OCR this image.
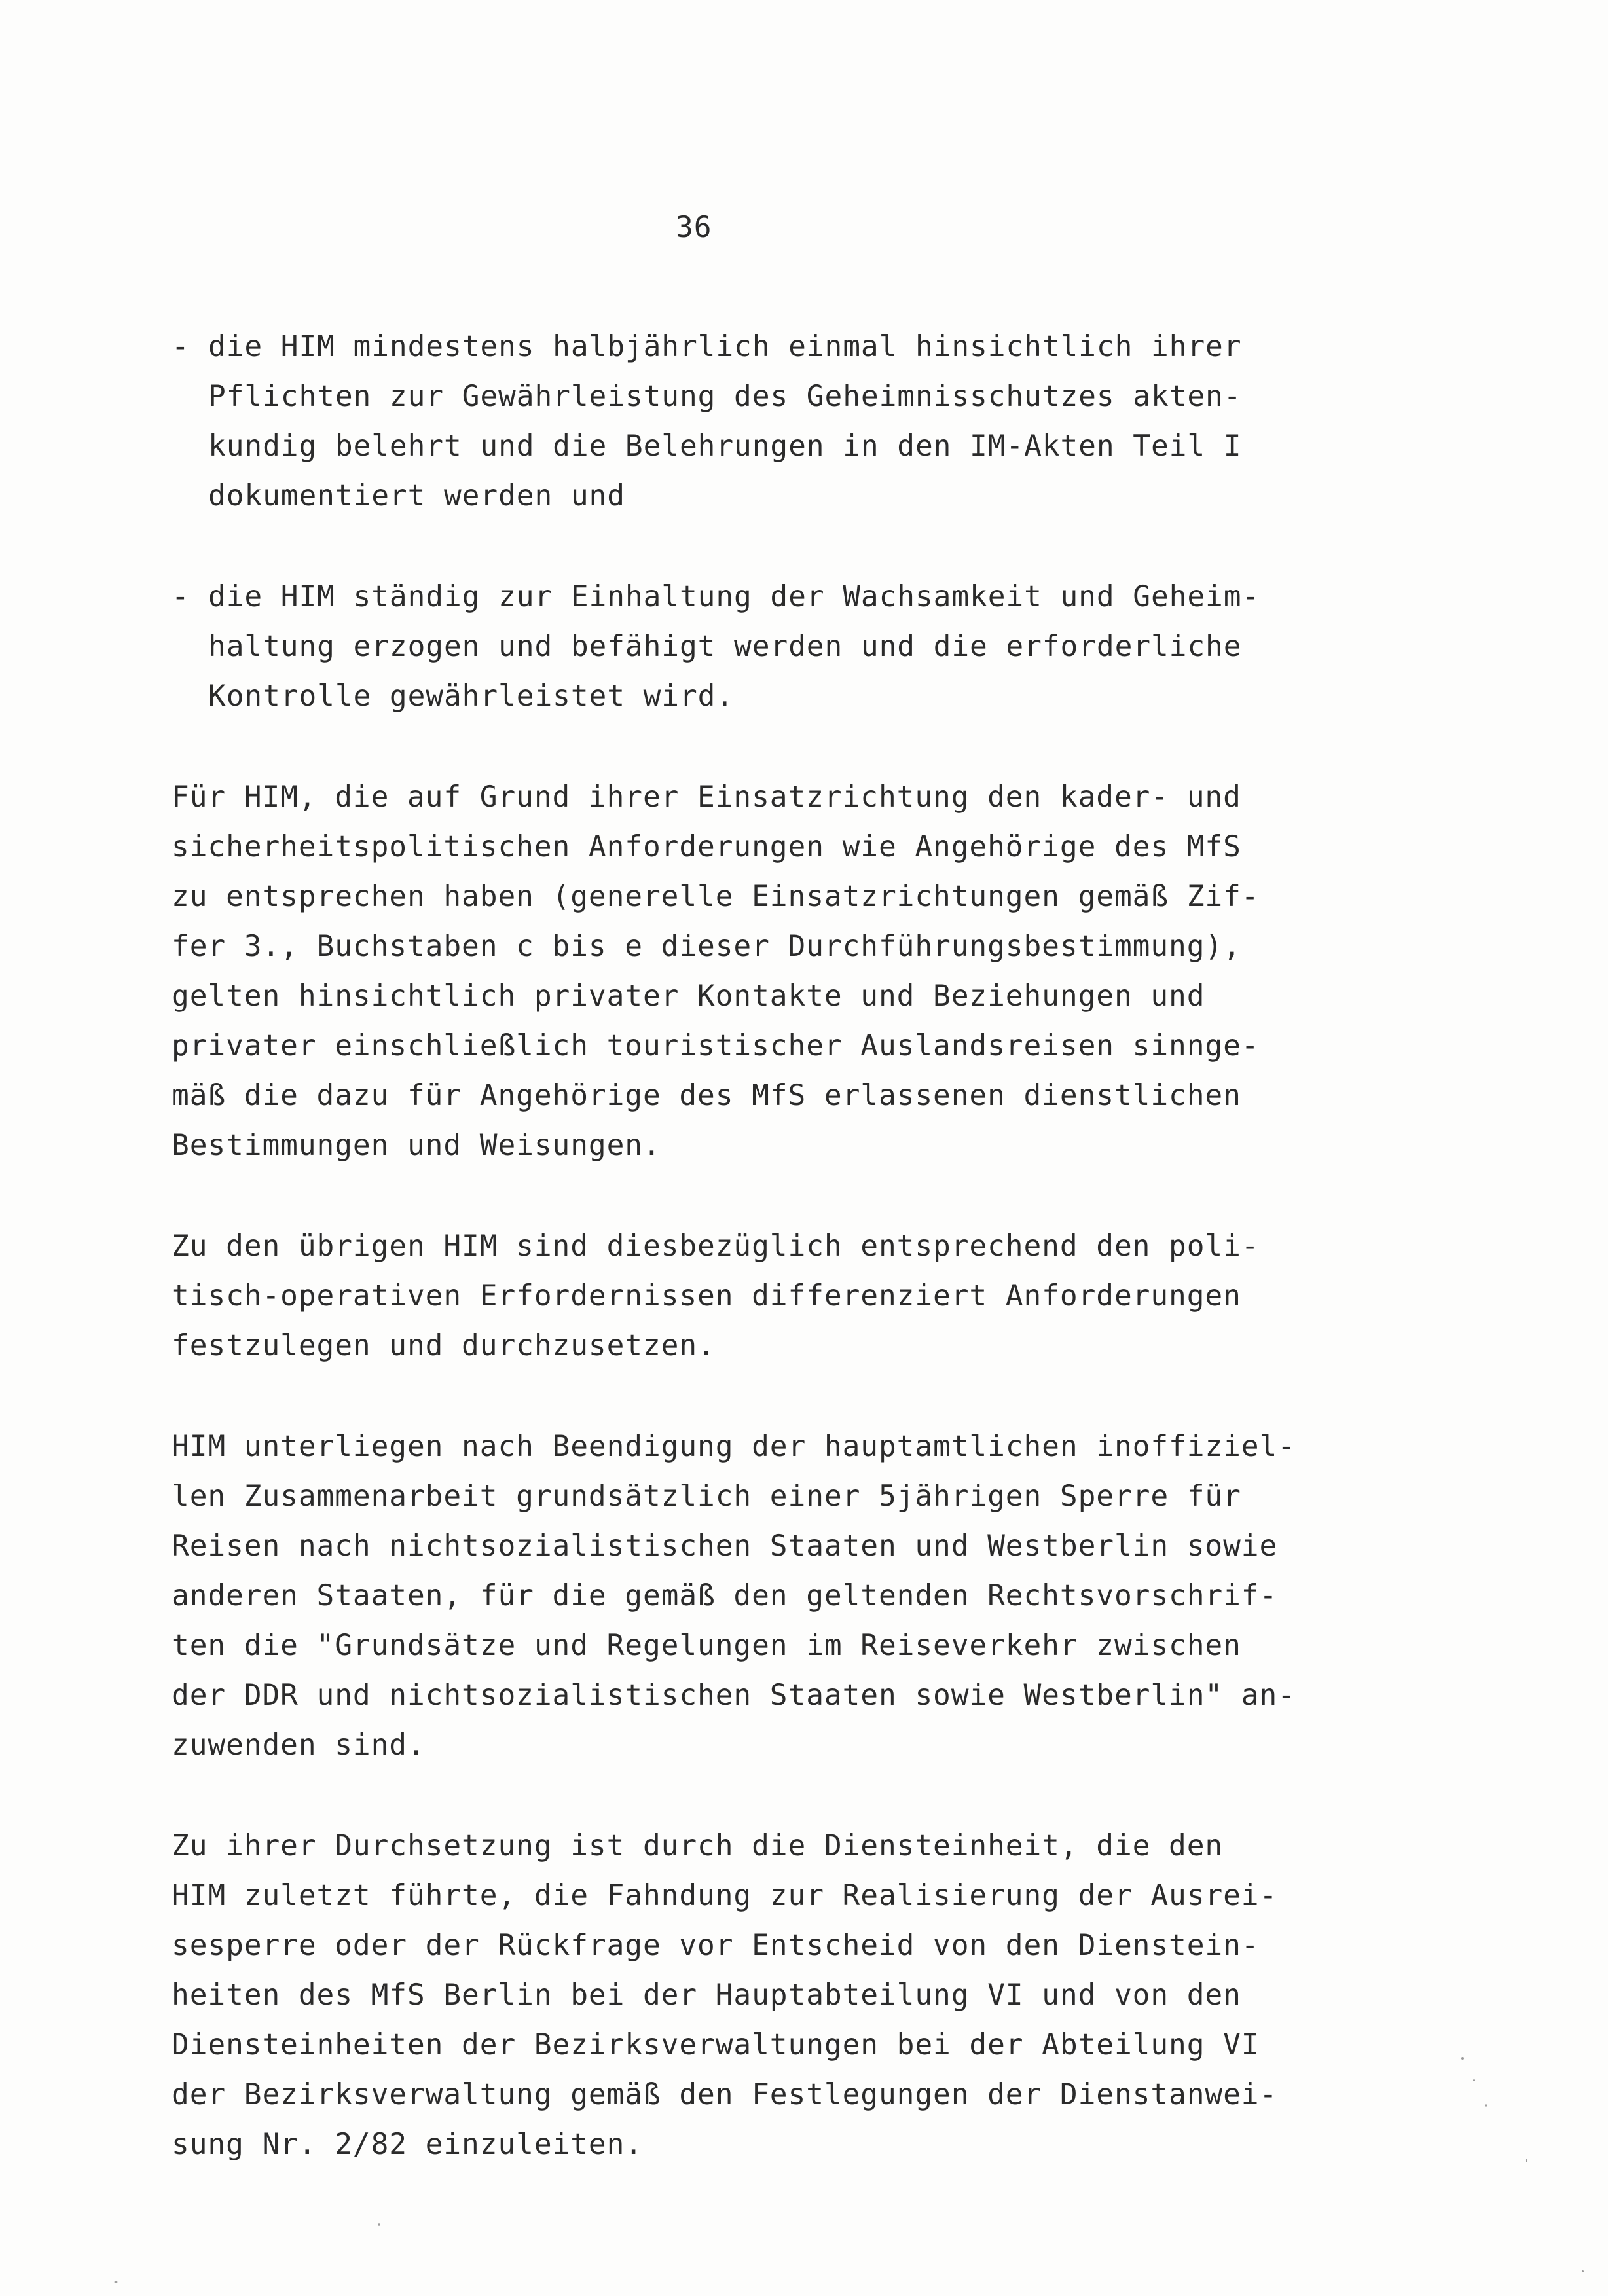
36
- die HIM mindestens halbjährlich einmal hinsichtlich ihrer
Pflichten zur Gewährleistung des Geheimnisschutzes akten-
kundig belehrt und die Belehrungen in den IM-Akten Teil I
dokumentiert werden und
- die HIM ständig zur Einhaltung der Wachsamkeit und Geheim-
haltung erzogen und befähigt werden und die erforderliche
Kontrolle gewährleistet wird.
Für HIM, die auf Grund ihrer Einsatzrichtung den kader- und
sicherheitspolitischen Anforderungen wie Angehörige des MfS
zu entsprechen haben (generelle Einsatzrichtungen gemäß Zif-
fer 3., Buchstaben c bis e dieser Durchführungsbestimmung),
gelten hinsichtlich privater Kontakte und Beziehungen und
privater einschließlich touristischer Auslandsreisen sinnge-
mäß die dazu für Angehörige des MfS erlassenen dienstlichen
Bestimmungen und Weisungen.
Zu den übrigen HIM sind diesbezüglich entsprechend den poli-
tisch-operativen Erfordernissen differenziert Anforderungen
festzulegen und durchzusetzen.
HIM unterliegen nach Beendigung der hauptamtlichen inoffiziel-
len Zusammenarbeit grundsätzlich einer 5jährigen Sperre für
Reisen nach nichtsozialistischen Staaten und Westberlin sowie
anderen Staaten, für die gemäß den geltenden Rechtsvorschrif-
ten die "Grundsätze und Regelungen im Reiseverkehr zwischen
der DDR und nichtsozialistischen Staaten sowie Westberlin" an-
zuwenden sind.
Zu ihrer Durchsetzung ist durch die Diensteinheit, die den
HIM zuletzt führte, die Fahndung zur Realisierung der Ausrei-
sesperre oder der Rückfrage vor Entscheid von den Dienstein-
heiten des MfS Berlin bei der Hauptabteilung VI und von den
Diensteinheiten der Bezirksverwaltungen bei der Abteilung VI
der Bezirksverwaltung gemäß den Festlegungen der Dienstanwei-
sung Nr. 2/82 einzuleiten.
